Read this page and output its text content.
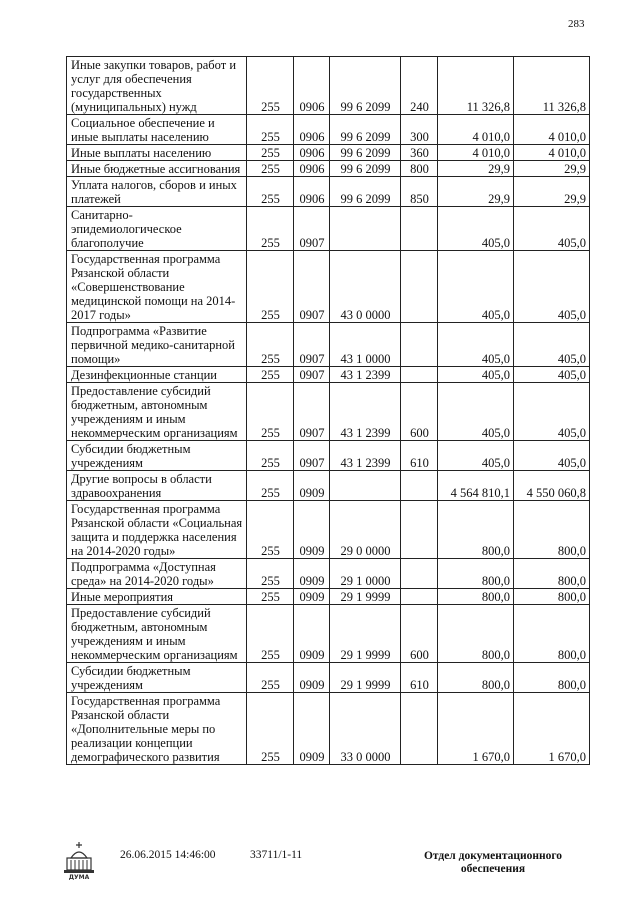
283
Иные закупки товаров, работ и услуг для обеспечения государственных (муниципальных) нужд	255	0906	99 6 2099	240	11 326,8	11 326,8
Социальное обеспечение и иные выплаты населению	255	0906	99 6 2099	300	4 010,0	4 010,0
Иные выплаты населению	255	0906	99 6 2099	360	4 010,0	4 010,0
Иные бюджетные ассигнования	255	0906	99 6 2099	800	29,9	29,9
Уплата налогов, сборов и иных платежей	255	0906	99 6 2099	850	29,9	29,9
Санитарно-эпидемиологическое благополучие	255	0907			405,0	405,0
Государственная программа Рязанской области «Совершенствование медицинской помощи на 2014-2017 годы»	255	0907	43 0 0000		405,0	405,0
Подпрограмма «Развитие первичной медико-санитарной помощи»	255	0907	43 1 0000		405,0	405,0
Дезинфекционные станции	255	0907	43 1 2399		405,0	405,0
Предоставление субсидий бюджетным, автономным учреждениям и иным некоммерческим организациям	255	0907	43 1 2399	600	405,0	405,0
Субсидии бюджетным учреждениям	255	0907	43 1 2399	610	405,0	405,0
Другие вопросы в области здравоохранения	255	0909			4 564 810,1	4 550 060,8
Государственная программа Рязанской области «Социальная защита и поддержка населения на 2014-2020 годы»	255	0909	29 0 0000		800,0	800,0
Подпрограмма «Доступная среда» на 2014-2020 годы»	255	0909	29 1 0000		800,0	800,0
Иные мероприятия	255	0909	29 1 9999		800,0	800,0
Предоставление субсидий бюджетным, автономным учреждениям и иным некоммерческим организациям	255	0909	29 1 9999	600	800,0	800,0
Субсидии бюджетным учреждениям	255	0909	29 1 9999	610	800,0	800,0
Государственная программа Рязанской области «Дополнительные меры по реализации концепции демографического развития	255	0909	33 0 0000		1 670,0	1 670,0
ДУМА
26.06.2015 14:46:00	33711/1-11	Отдел документационного
обеспечения
